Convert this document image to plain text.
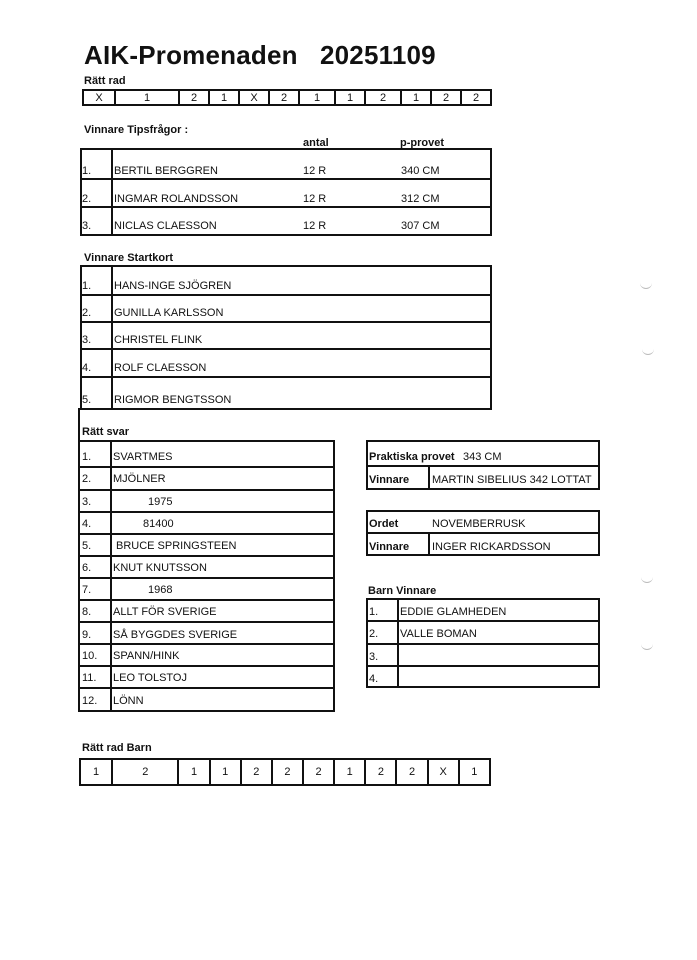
AIK-Promenaden   20251109
Rätt rad
X	1	2	1	X	2	1	1	2	1	2	2
Vinnare Tipsfrågor :
antal	p-provet
1. BERTIL BERGGREN	12 R	340 CM
2. INGMAR ROLANDSSON	12 R	312 CM
3. NICLAS CLAESSON	12 R	307 CM
Vinnare Startkort
1. HANS-INGE SJÖGREN
2. GUNILLA KARLSSON
3. CHRISTEL FLINK
4. ROLF CLAESSON
5. RIGMOR BENGTSSON
Rätt svar
1. SVARTMES
2. MJÖLNER
3.	1975
4.	81400
5. BRUCE SPRINGSTEEN
6. KNUT KNUTSSON
7.	1968
8. ALLT FÖR SVERIGE
9. SÅ BYGGDES SVERIGE
10. SPANN/HINK
11. LEO TOLSTOJ
12. LÖNN
Praktiska provet 343 CM
Vinnare MARTIN SIBELIUS 342 LOTTAT
Ordet	NOVEMBERRUSK
Vinnare INGER RICKARDSSON
Barn Vinnare
1. EDDIE GLAMHEDEN
2. VALLE BOMAN
3.
4.
Rätt rad Barn
1	2	1	1	2	2	2	1	2	2	X	1
